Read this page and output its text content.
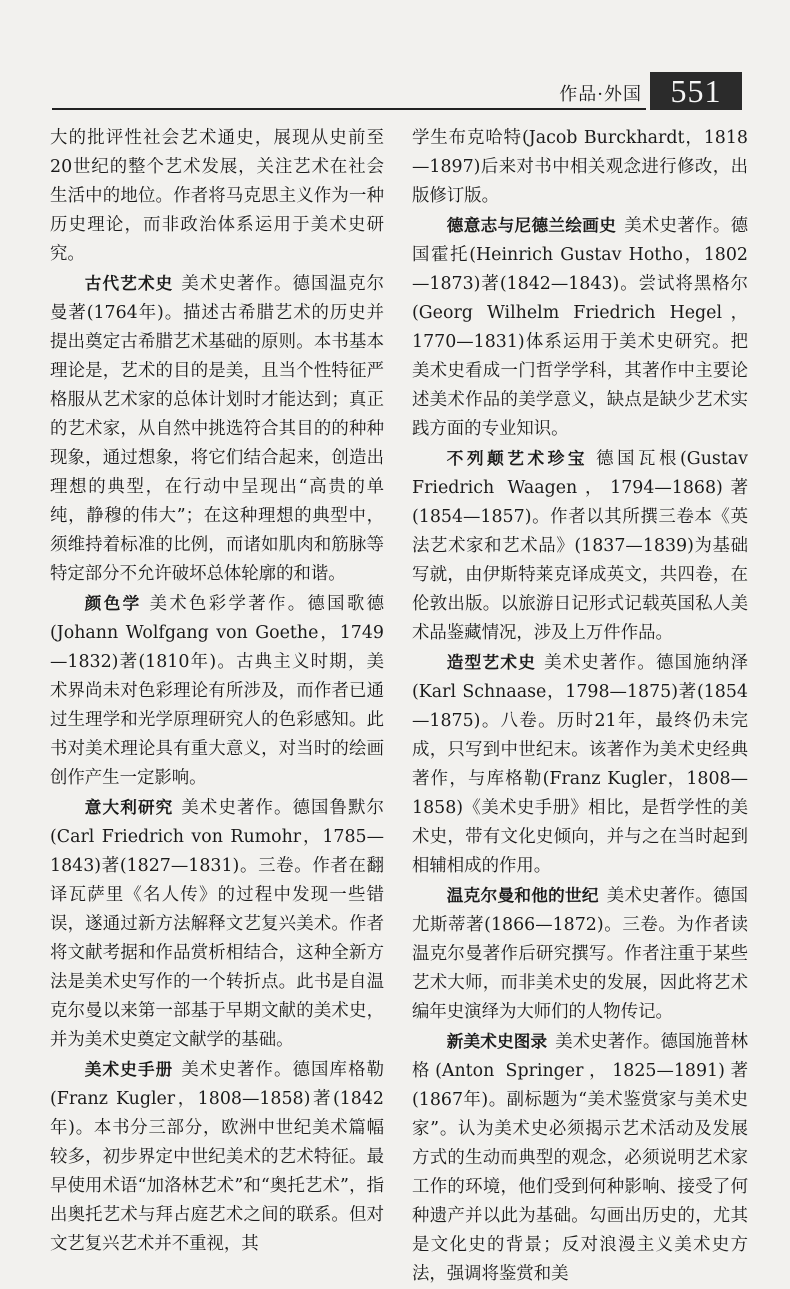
作品·外国 551

大的批评性社会艺术通史，展现从史前至20世纪的整个艺术发展，关注艺术在社会生活中的地位。作者将马克思主义作为一种历史理论，而非政治体系运用于美术史研究。

古代艺术史 美术史著作。德国温克尔曼著(1764年)。描述古希腊艺术的历史并提出奠定古希腊艺术基础的原则。本书基本理论是，艺术的目的是美，且当个性特征严格服从艺术家的总体计划时才能达到；真正的艺术家，从自然中挑选符合其目的的种种现象，通过想象，将它们结合起来，创造出理想的典型，在行动中呈现出“高贵的单纯，静穆的伟大”；在这种理想的典型中，须维持着标准的比例，而诸如肌肉和筋脉等特定部分不允许破坏总体轮廓的和谐。

颜色学 美术色彩学著作。德国歌德(Johann Wolfgang von Goethe，1749—1832)著(1810年)。古典主义时期，美术界尚未对色彩理论有所涉及，而作者已通过生理学和光学原理研究人的色彩感知。此书对美术理论具有重大意义，对当时的绘画创作产生一定影响。

意大利研究 美术史著作。德国鲁默尔(Carl Friedrich von Rumohr，1785—1843)著(1827—1831)。三卷。作者在翻译瓦萨里《名人传》的过程中发现一些错误，遂通过新方法解释文艺复兴美术。作者将文献考据和作品赏析相结合，这种全新方法是美术史写作的一个转折点。此书是自温克尔曼以来第一部基于早期文献的美术史，并为美术史奠定文献学的基础。

美术史手册 美术史著作。德国库格勒(Franz Kugler，1808—1858)著(1842年)。本书分三部分，欧洲中世纪美术篇幅较多，初步界定中世纪美术的艺术特征。最早使用术语“加洛林艺术”和“奥托艺术”，指出奥托艺术与拜占庭艺术之间的联系。但对文艺复兴艺术并不重视，其

学生布克哈特(Jacob Burckhardt，1818—1897)后来对书中相关观念进行修改，出版修订版。

德意志与尼德兰绘画史 美术史著作。德国霍托(Heinrich Gustav Hotho，1802—1873)著(1842—1843)。尝试将黑格尔(Georg Wilhelm Friedrich Hegel，1770—1831)体系运用于美术史研究。把美术史看成一门哲学学科，其著作中主要论述美术作品的美学意义，缺点是缺少艺术实践方面的专业知识。

不列颠艺术珍宝 德国瓦根(Gustav Friedrich Waagen，1794—1868)著(1854—1857)。作者以其所撰三卷本《英法艺术家和艺术品》(1837—1839)为基础写就，由伊斯特莱克译成英文，共四卷，在伦敦出版。以旅游日记形式记载英国私人美术品鉴藏情况，涉及上万件作品。

造型艺术史 美术史著作。德国施纳泽(Karl Schnaase，1798—1875)著(1854—1875)。八卷。历时21年，最终仍未完成，只写到中世纪末。该著作为美术史经典著作，与库格勒(Franz Kugler，1808—1858)《美术史手册》相比，是哲学性的美术史，带有文化史倾向，并与之在当时起到相辅相成的作用。

温克尔曼和他的世纪 美术史著作。德国尤斯蒂著(1866—1872)。三卷。为作者读温克尔曼著作后研究撰写。作者注重于某些艺术大师，而非美术史的发展，因此将艺术编年史演绎为大师们的人物传记。

新美术史图录 美术史著作。德国施普林格(Anton Springer，1825—1891)著(1867年)。副标题为“美术鉴赏家与美术史家”。认为美术史必须揭示艺术活动及发展方式的生动而典型的观念，必须说明艺术家工作的环境，他们受到何种影响、接受了何种遗产并以此为基础。勾画出历史的，尤其是文化史的背景；反对浪漫主义美术史方法，强调将鉴赏和美
